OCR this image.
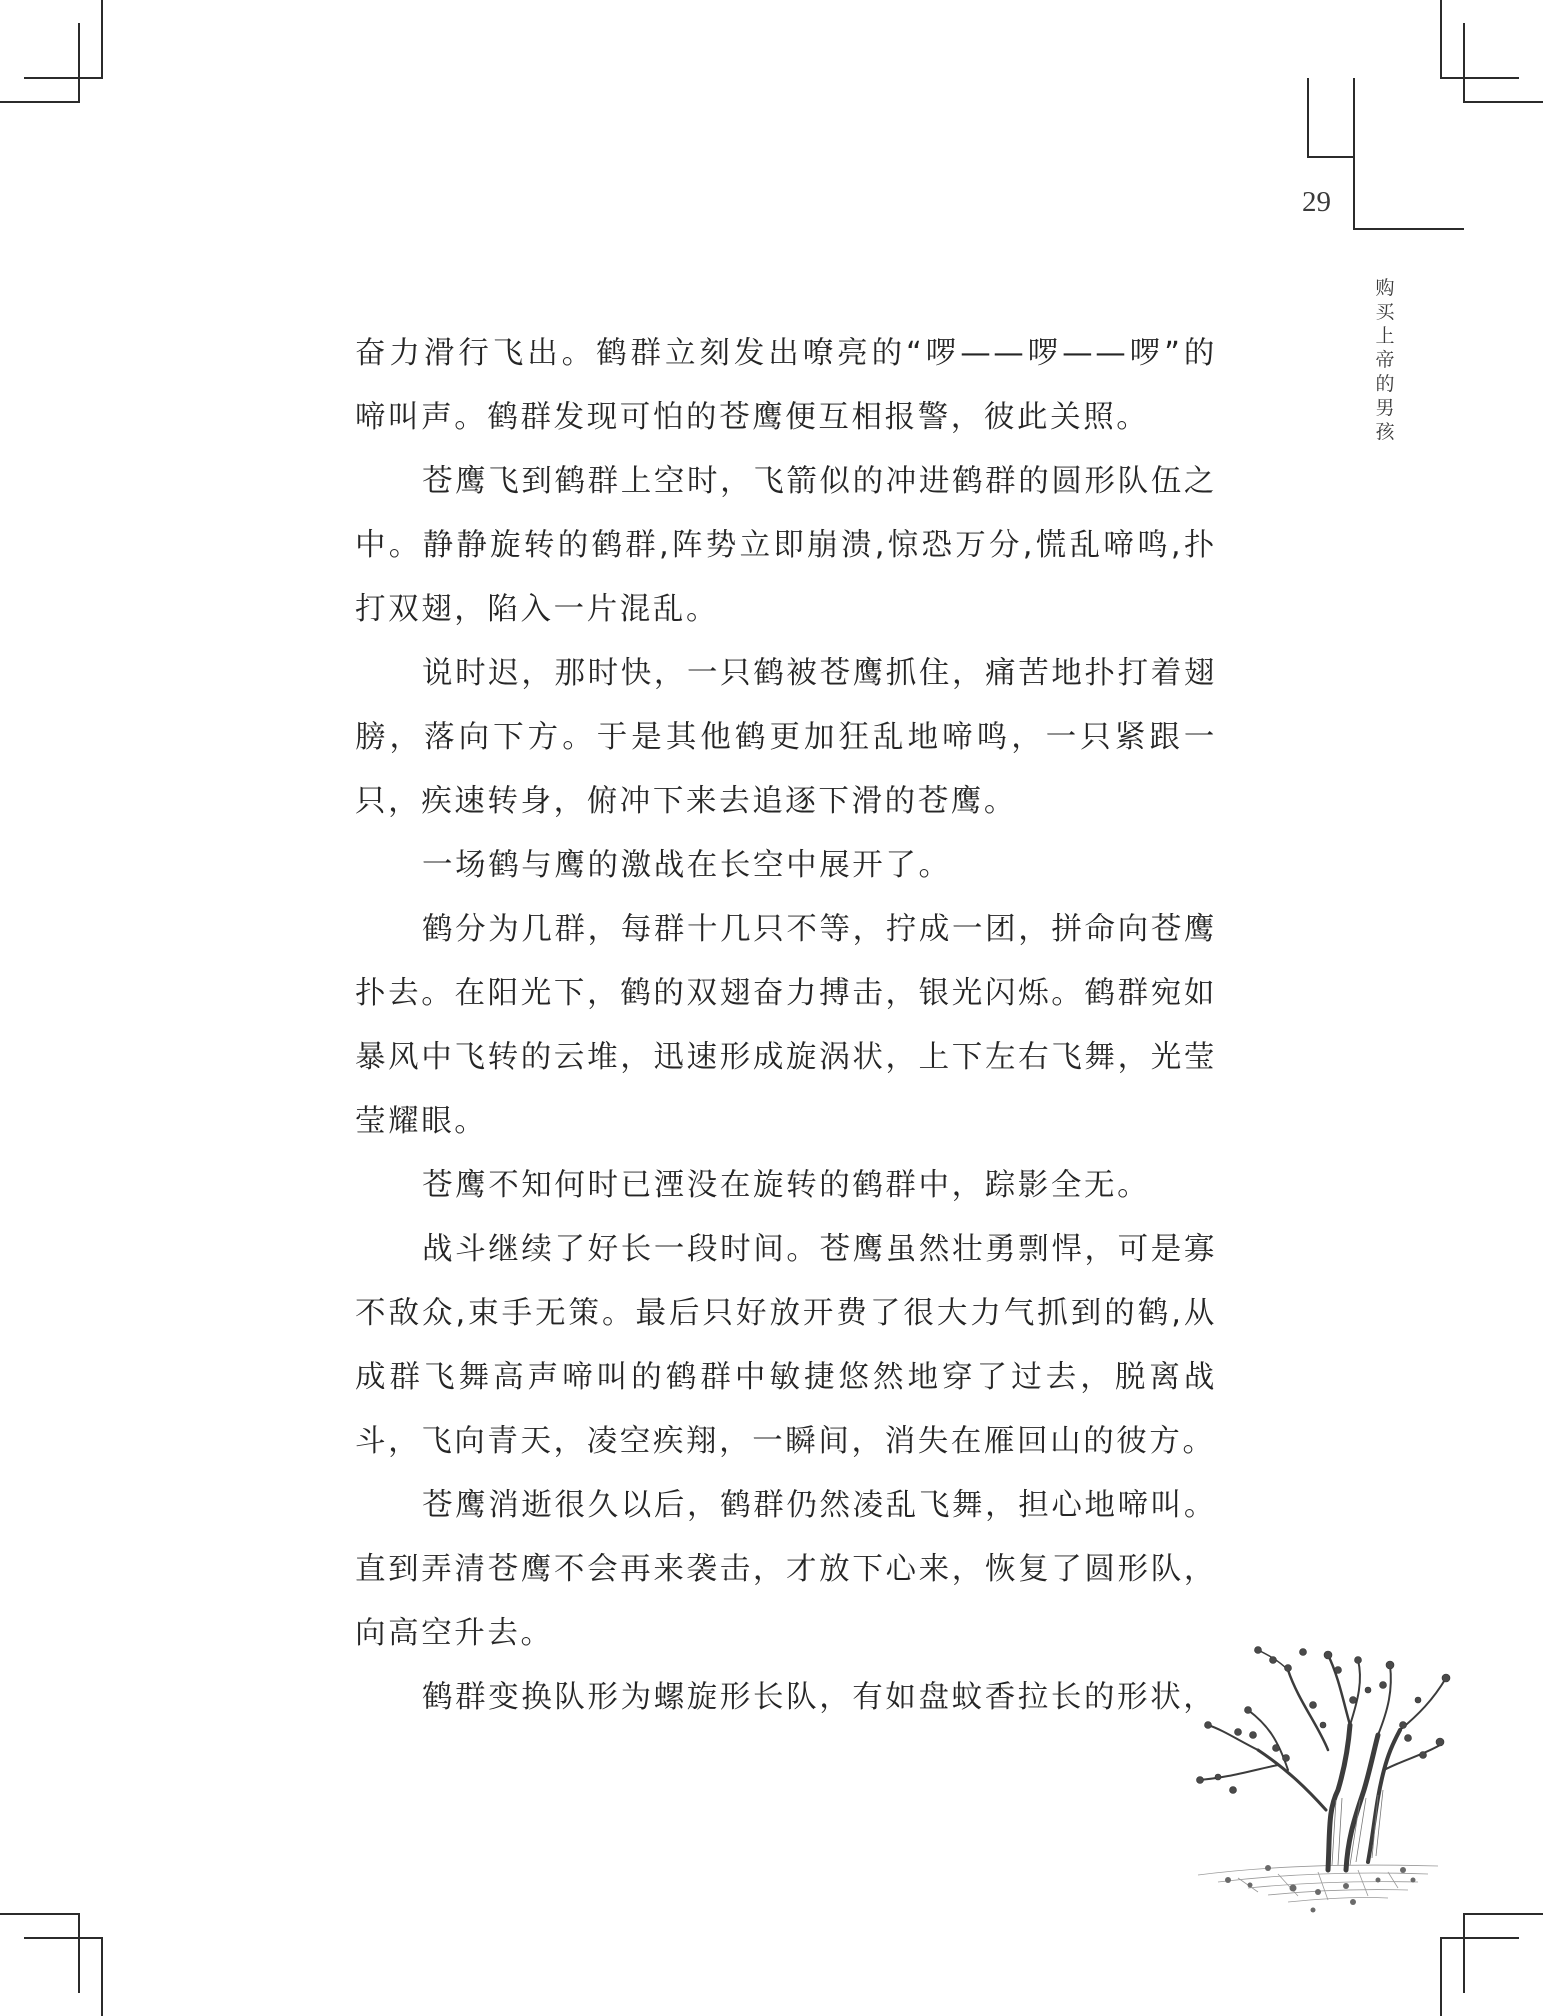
29
购
买
上
帝
的
男
孩

奋力滑行飞出。鹤群立刻发出嘹亮的“啰——啰——啰”的啼叫声。鹤群发现可怕的苍鹰便互相报警，彼此关照。

苍鹰飞到鹤群上空时，飞箭似的冲进鹤群的圆形队伍之中。静静旋转的鹤群,阵势立即崩溃,惊恐万分,慌乱啼鸣,扑打双翅，陷入一片混乱。

说时迟，那时快，一只鹤被苍鹰抓住，痛苦地扑打着翅膀，落向下方。于是其他鹤更加狂乱地啼鸣，一只紧跟一只，疾速转身，俯冲下来去追逐下滑的苍鹰。

一场鹤与鹰的激战在长空中展开了。

鹤分为几群，每群十几只不等，拧成一团，拼命向苍鹰扑去。在阳光下，鹤的双翅奋力搏击，银光闪烁。鹤群宛如暴风中飞转的云堆，迅速形成旋涡状，上下左右飞舞，光莹莹耀眼。

苍鹰不知何时已湮没在旋转的鹤群中，踪影全无。

战斗继续了好长一段时间。苍鹰虽然壮勇剽悍，可是寡不敌众,束手无策。最后只好放开费了很大力气抓到的鹤,从成群飞舞高声啼叫的鹤群中敏捷悠然地穿了过去，脱离战斗，飞向青天，凌空疾翔，一瞬间，消失在雁回山的彼方。

苍鹰消逝很久以后，鹤群仍然凌乱飞舞，担心地啼叫。直到弄清苍鹰不会再来袭击，才放下心来，恢复了圆形队，向高空升去。

鹤群变换队形为螺旋形长队，有如盘蚊香拉长的形状，
